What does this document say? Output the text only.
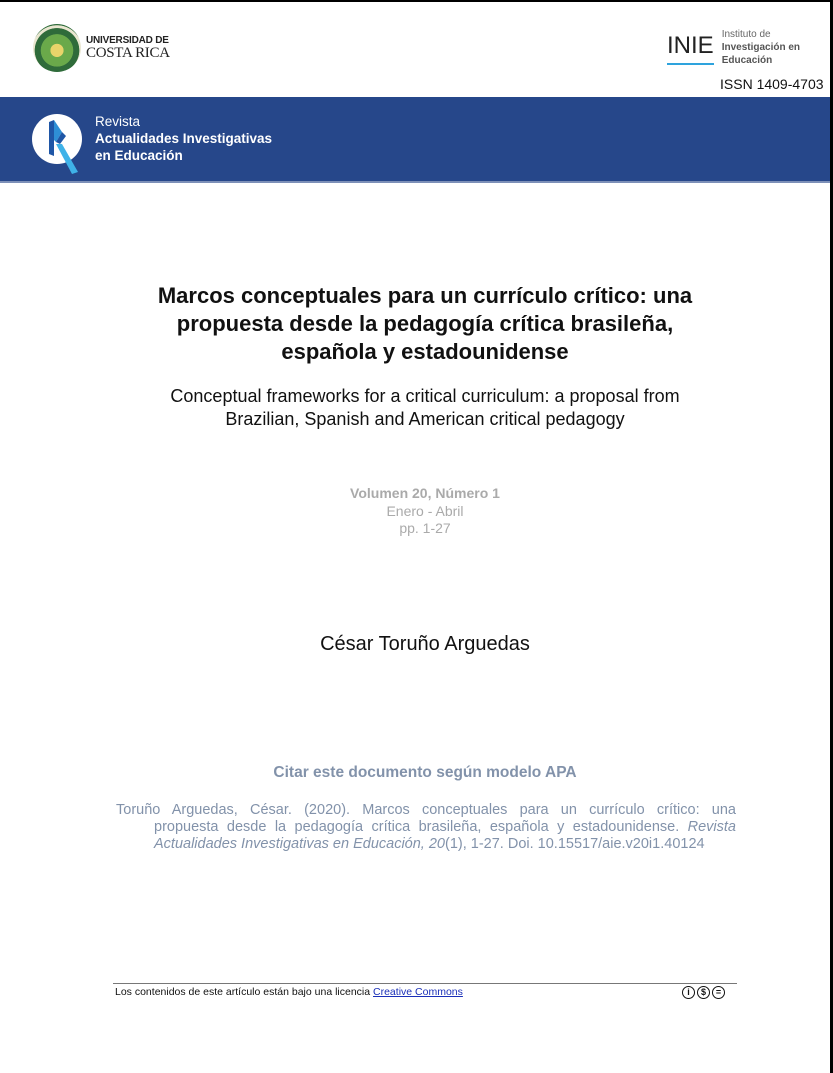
UNIVERSIDAD DE
COSTA RICA	INIE Instituto de
Investigación en
Educación
ISSN 1409-4703
Revista
Actualidades Investigativas
en Educación
Marcos conceptuales para un currículo crítico: una
propuesta desde la pedagogía crítica brasileña,
española y estadounidense
Conceptual frameworks for a critical curriculum: a proposal from
Brazilian, Spanish and American critical pedagogy
Volumen 20, Número 1
Enero - Abril
pp. 1-27
César Toruño Arguedas
Citar este documento según modelo APA
Toruño Arguedas, César. (2020). Marcos conceptuales para un currículo crítico: una
propuesta desde la pedagogía crítica brasileña, española y estadounidense. Revista
Actualidades Investigativas en Educación, 20(1), 1-27. Doi. 10.15517/aie.v20i1.40124
Los contenidos de este artículo están bajo una licencia Creative Commons	i	$	=
